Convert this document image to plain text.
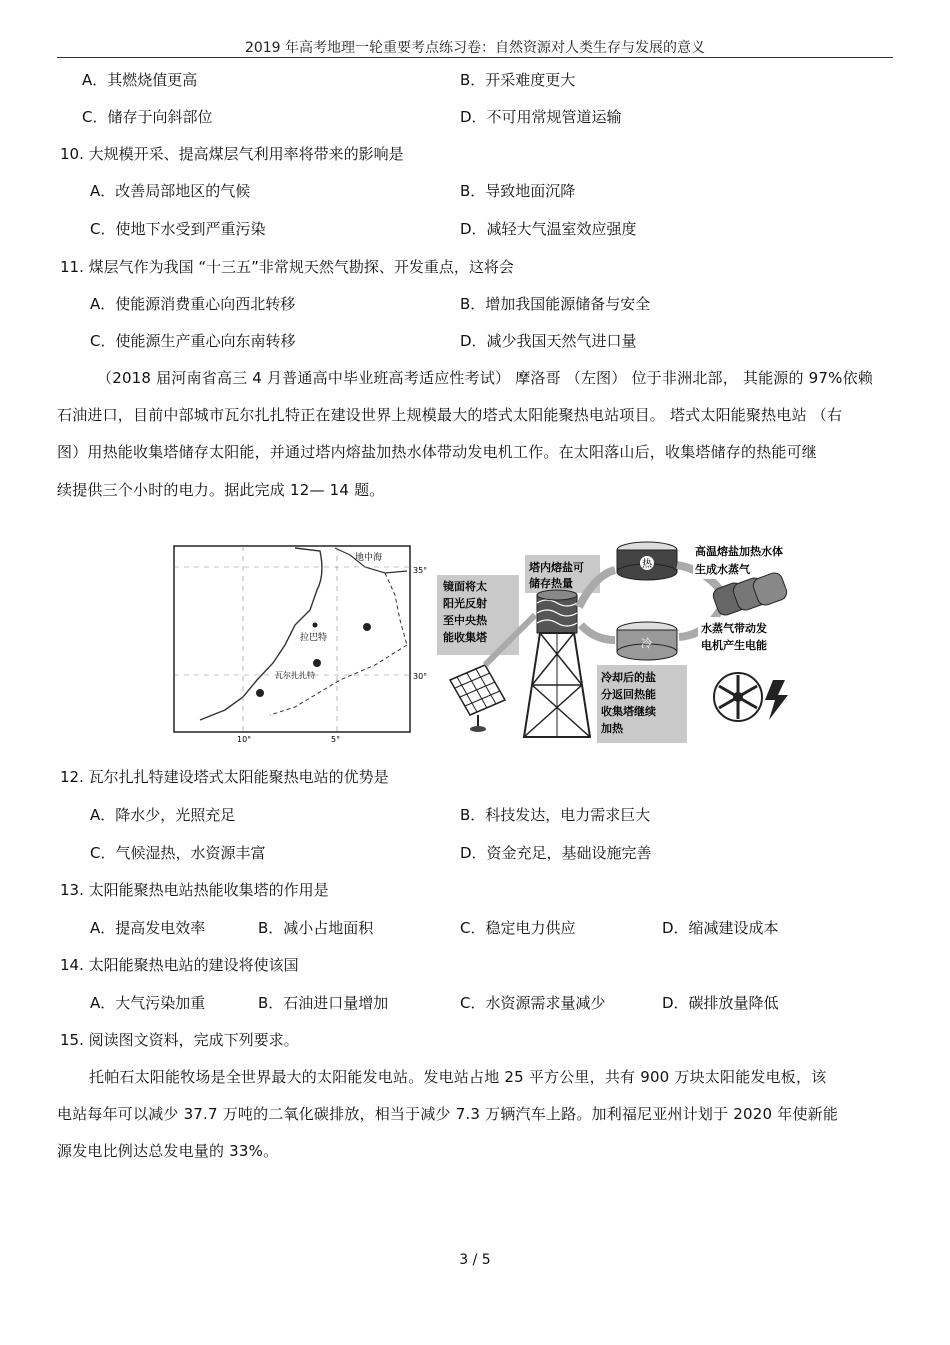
2019 年高考地理一轮重要考点练习卷：自然资源对人类生存与发展的意义
A．其燃烧值更高	B．开采难度更大
C．储存于向斜部位	D．不可用常规管道运输
10. 大规模开采、提高煤层气利用率将带来的影响是
A．改善局部地区的气候	B．导致地面沉降
C．使地下水受到严重污染	D．减轻大气温室效应强度
11. 煤层气作为我国 “十三五”非常规天然气勘探、开发重点，这将会
A．使能源消费重心向西北转移	B．增加我国能源储备与安全
C．使能源生产重心向东南转移	D．减少我国天然气进口量
（2018 届河南省高三 4 月普通高中毕业班高考适应性考试） 摩洛哥 （左图） 位于非洲北部， 其能源的 97%依赖
石油进口，目前中部城市瓦尔扎扎特正在建设世界上规模最大的塔式太阳能聚热电站项目。 塔式太阳能聚热电站 （右
图）用热能收集塔储存太阳能，并通过塔内熔盐加热水体带动发电机工作。在太阳落山后，收集塔储存的热能可继
续提供三个小时的电力。据此完成 12— 14 题。
地中海
拉巴特
瓦尔扎扎特
35°
30°
10°	5°
镜面将太
阳光反射
至中央热
能收集塔
塔内熔盐可
储存热量
热
冷
高温熔盐加热水体
生成水蒸气
水蒸气带动发
电机产生电能
冷却后的盐
分返回热能
收集塔继续
加热
12. 瓦尔扎扎特建设塔式太阳能聚热电站的优势是
A．降水少，光照充足	B．科技发达，电力需求巨大
C．气候湿热，水资源丰富	D．资金充足，基础设施完善
13. 太阳能聚热电站热能收集塔的作用是
A．提高发电效率	B．减小占地面积	C．稳定电力供应	D．缩减建设成本
14. 太阳能聚热电站的建设将使该国
A．大气污染加重	B．石油进口量增加	C．水资源需求量减少	D．碳排放量降低
15. 阅读图文资料，完成下列要求。
托帕石太阳能牧场是全世界最大的太阳能发电站。发电站占地 25 平方公里，共有 900 万块太阳能发电板，该
电站每年可以减少 37.7 万吨的二氧化碳排放，相当于减少 7.3 万辆汽车上路。加利福尼亚州计划于 2020 年使新能
源发电比例达总发电量的 33%。
3 / 5
